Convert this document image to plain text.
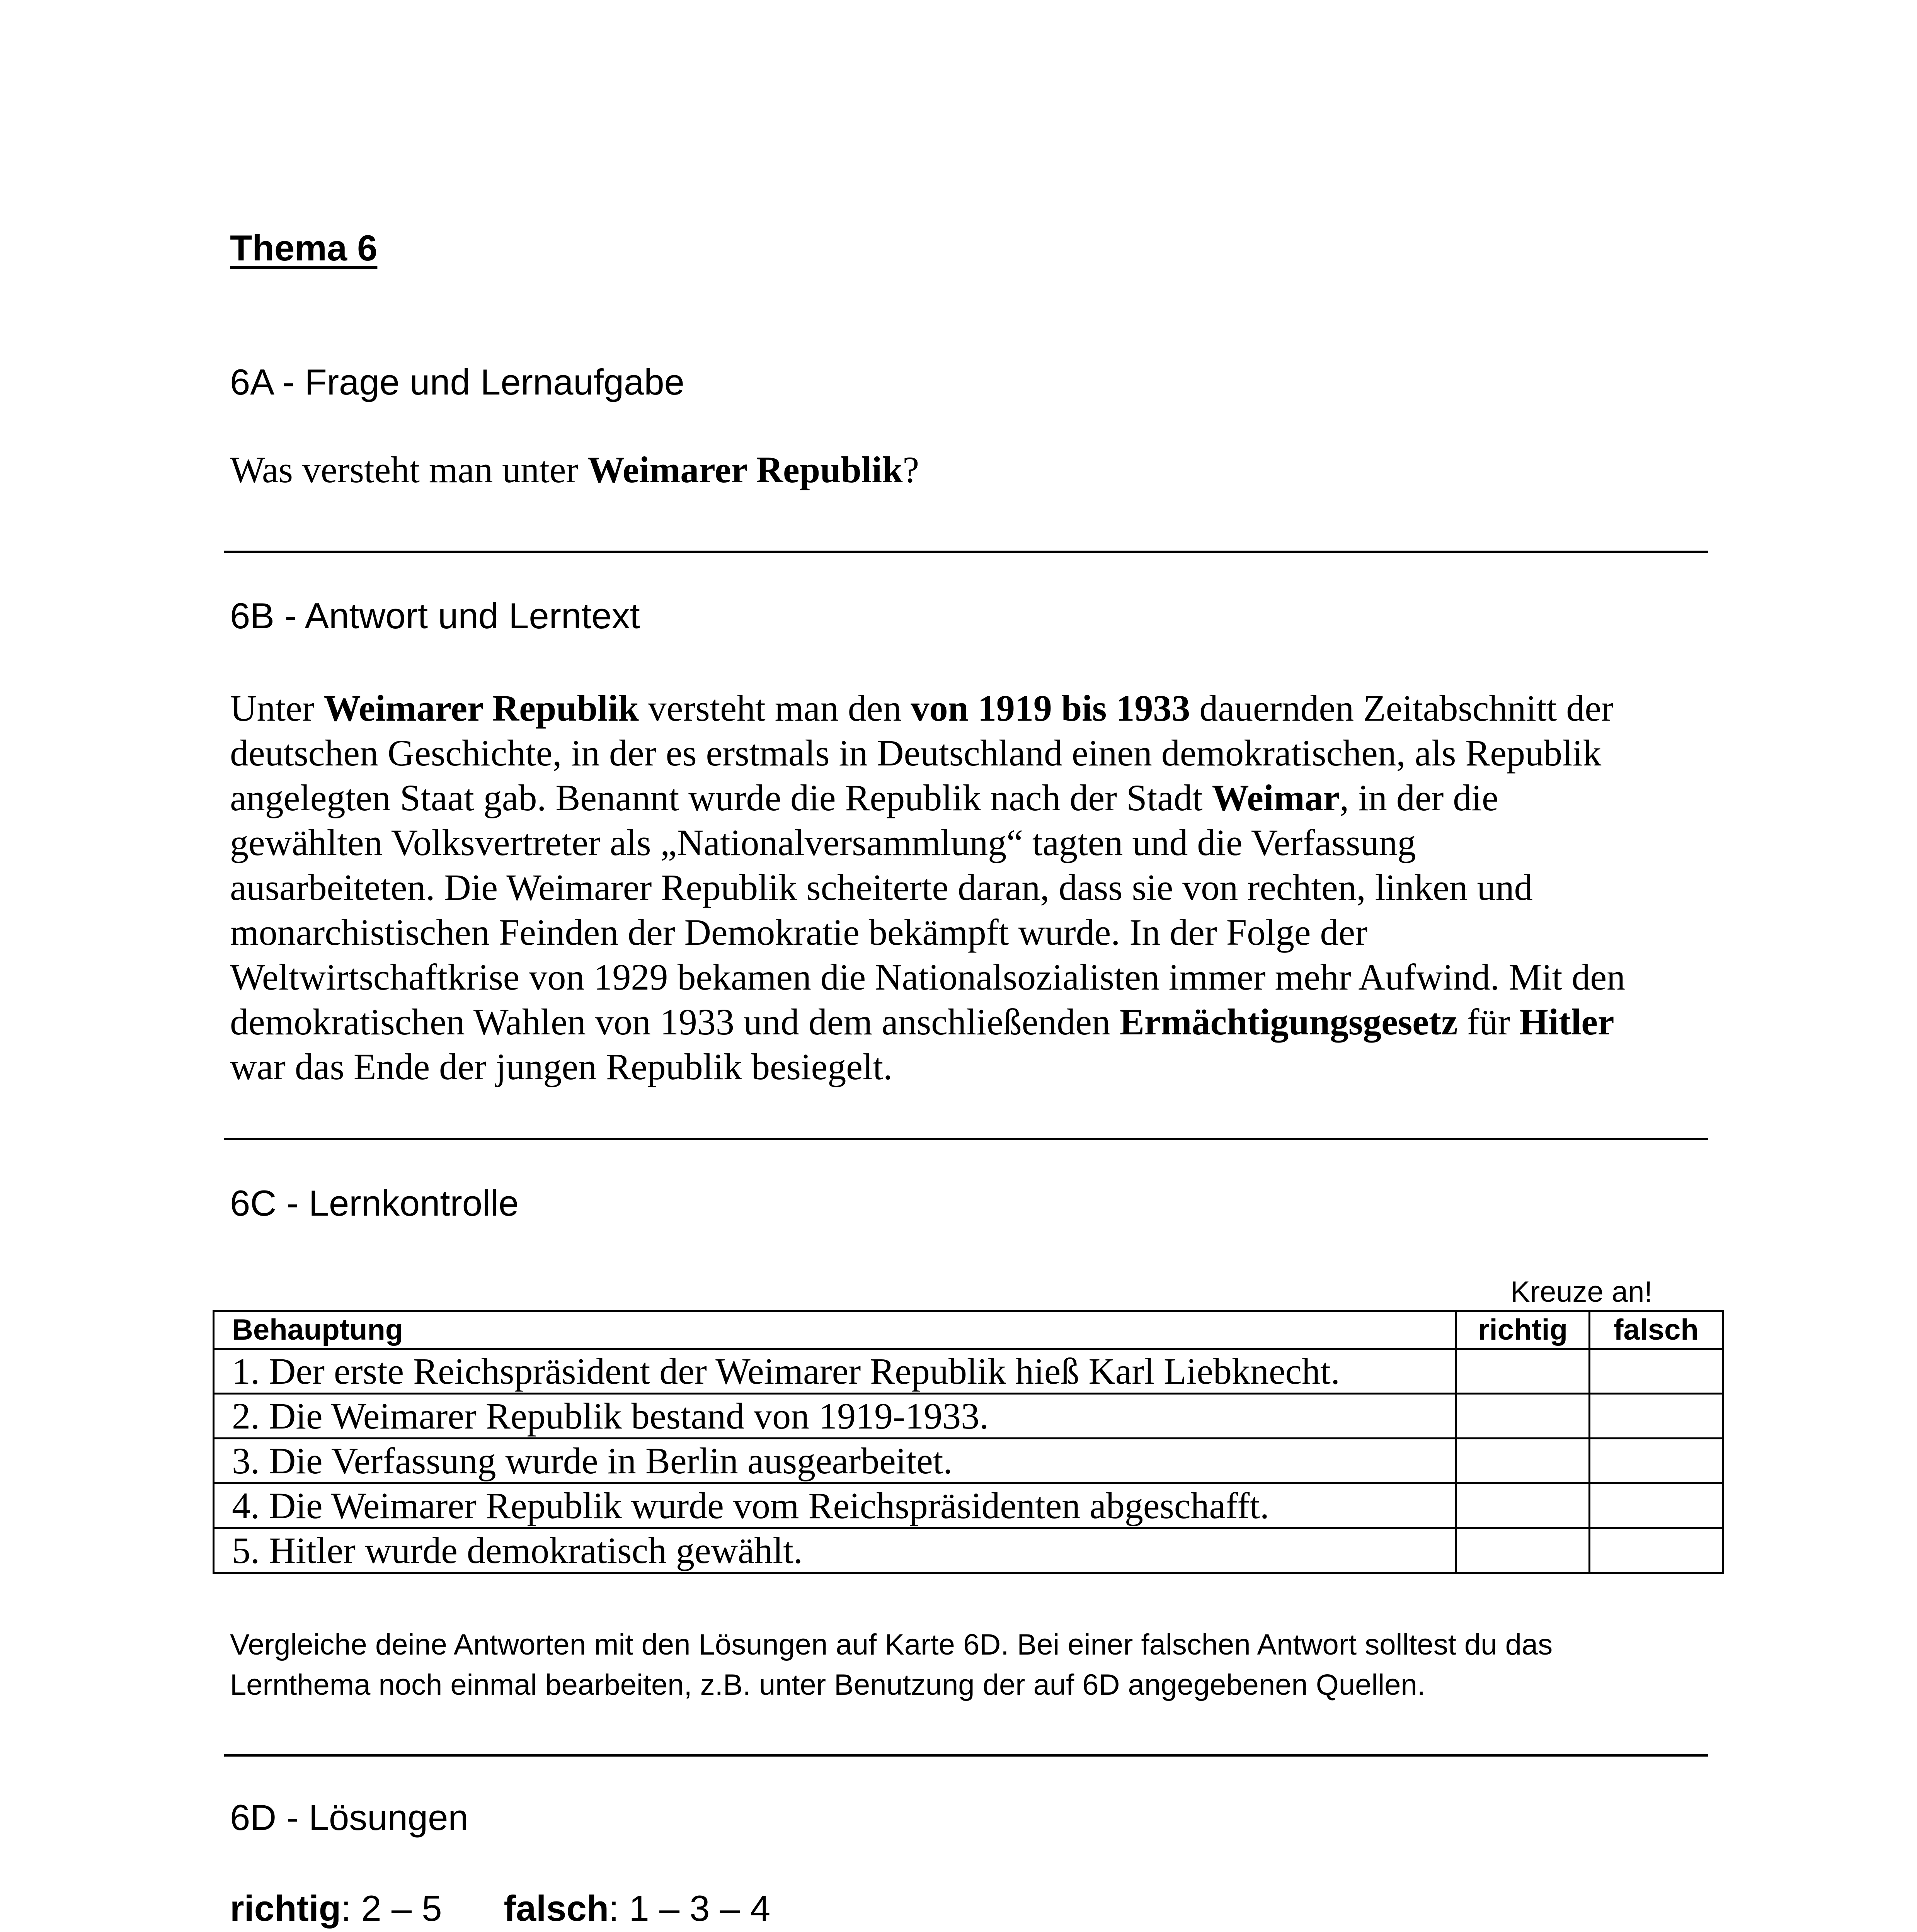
Thema 6
6A - Frage und Lernaufgabe
Was versteht man unter Weimarer Republik?
6B - Antwort und Lerntext

Unter Weimarer Republik versteht man den von 1919 bis 1933 dauernden Zeitabschnitt der

deutschen Geschichte, in der es erstmals in Deutschland einen demokratischen, als Republik

angelegten Staat gab. Benannt wurde die Republik nach der Stadt Weimar, in der die

gewählten Volksvertreter als „Nationalversammlung“ tagten und die Verfassung

ausarbeiteten. Die Weimarer Republik scheiterte daran, dass sie von rechten, linken und

monarchistischen Feinden der Demokratie bekämpft wurde. In der Folge der

Weltwirtschaftkrise von 1929 bekamen die Nationalsozialisten immer mehr Aufwind. Mit den

demokratischen Wahlen von 1933 und dem anschließenden Ermächtigungsgesetz für Hitler

war das Ende der jungen Republik besiegelt.

6C - Lernkontrolle
Kreuze an!
Behauptung	richtig	falsch
1. Der erste Reichspräsident der Weimarer Republik hieß Karl Liebknecht.		
2. Die Weimarer Republik bestand von 1919-1933.		
3. Die Verfassung wurde in Berlin ausgearbeitet.		
4. Die Weimarer Republik wurde vom Reichspräsidenten abgeschafft.		
5. Hitler wurde demokratisch gewählt.		

Vergleiche deine Antworten mit den Lösungen auf Karte 6D. Bei einer falschen Antwort solltest du das

Lernthema noch einmal bearbeiten, z.B. unter Benutzung der auf 6D angegebenen Quellen.

6D - Lösungen
richtig: 2 – 5 falsch: 1 – 3 – 4
